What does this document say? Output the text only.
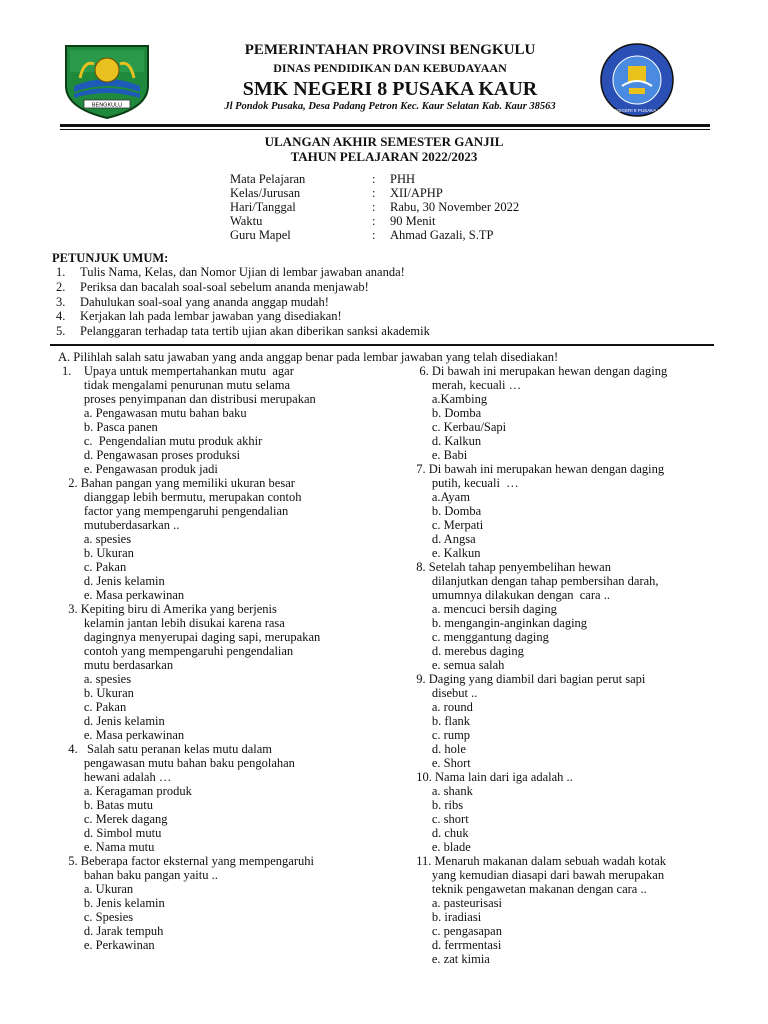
BENGKULU
SMK NEGERI 8 PUSAKA KAUR
PEMERINTAHAN PROVINSI BENGKULU
DINAS PENDIDIKAN DAN KEBUDAYAAN
SMK NEGERI 8 PUSAKA KAUR
Jl Pondok Pusaka, Desa Padang Petron Kec. Kaur Selatan Kab. Kaur 38563
ULANGAN AKHIR SEMESTER GANJIL
TAHUN PELAJARAN 2022/2023
Mata Pelajaran	:	PHH
Kelas/Jurusan	:	XII/APHP
Hari/Tanggal	:	Rabu, 30 November 2022
Waktu	:	90 Menit
Guru Mapel	:	Ahmad Gazali, S.TP
PETUNJUK UMUM:
1.	Tulis Nama, Kelas, dan Nomor Ujian di lembar jawaban ananda!
2.	Periksa dan bacalah soal-soal sebelum ananda menjawab!
3.	Dahulukan soal-soal yang ananda anggap mudah!
4.	Kerjakan lah pada lembar jawaban yang disediakan!
5.	Pelanggaran terhadap tata tertib ujian akan diberikan sanksi akademik
A. Pilihlah salah satu jawaban yang anda anggap benar pada lembar jawaban yang telah disediakan!
1.    Upaya untuk mempertahankan mutu  agar
tidak mengalami penurunan mutu selama
proses penyimpanan dan distribusi merupakan
a. Pengawasan mutu bahan baku
b. Pasca panen
c.  Pengendalian mutu produk akhir
d. Pengawasan proses produksi
e. Pengawasan produk jadi
2. Bahan pangan yang memiliki ukuran besar
dianggap lebih bermutu, merupakan contoh
factor yang mempengaruhi pengendalian
mutuberdasarkan ..
a. spesies
b. Ukuran
c. Pakan
d. Jenis kelamin
e. Masa perkawinan
3. Kepiting biru di Amerika yang berjenis
kelamin jantan lebih disukai karena rasa
dagingnya menyerupai daging sapi, merupakan
contoh yang mempengaruhi pengendalian
mutu berdasarkan
a. spesies
b. Ukuran
c. Pakan
d. Jenis kelamin
e. Masa perkawinan
4.   Salah satu peranan kelas mutu dalam
pengawasan mutu bahan baku pengolahan
hewani adalah …
a. Keragaman produk
b. Batas mutu
c. Merek dagang
d. Simbol mutu
e. Nama mutu
5. Beberapa factor eksternal yang mempengaruhi
bahan baku pangan yaitu ..
a. Ukuran
b. Jenis kelamin
c. Spesies
d. Jarak tempuh
e. Perkawinan
6. Di bawah ini merupakan hewan dengan daging
merah, kecuali …
a.Kambing
b. Domba
c. Kerbau/Sapi
d. Kalkun
e. Babi
7. Di bawah ini merupakan hewan dengan daging
putih, kecuali  …
a.Ayam
b. Domba
c. Merpati
d. Angsa
e. Kalkun
8. Setelah tahap penyembelihan hewan
dilanjutkan dengan tahap pembersihan darah,
umumnya dilakukan dengan  cara ..
a. mencuci bersih daging
b. mengangin-anginkan daging
c. menggantung daging
d. merebus daging
e. semua salah
9. Daging yang diambil dari bagian perut sapi
disebut ..
a. round
b. flank
c. rump
d. hole
e. Short
10. Nama lain dari iga adalah ..
a. shank
b. ribs
c. short
d. chuk
e. blade
11. Menaruh makanan dalam sebuah wadah kotak
yang kemudian diasapi dari bawah merupakan
teknik pengawetan makanan dengan cara ..
a. pasteurisasi
b. iradiasi
c. pengasapan
d. ferrmentasi
e. zat kimia
